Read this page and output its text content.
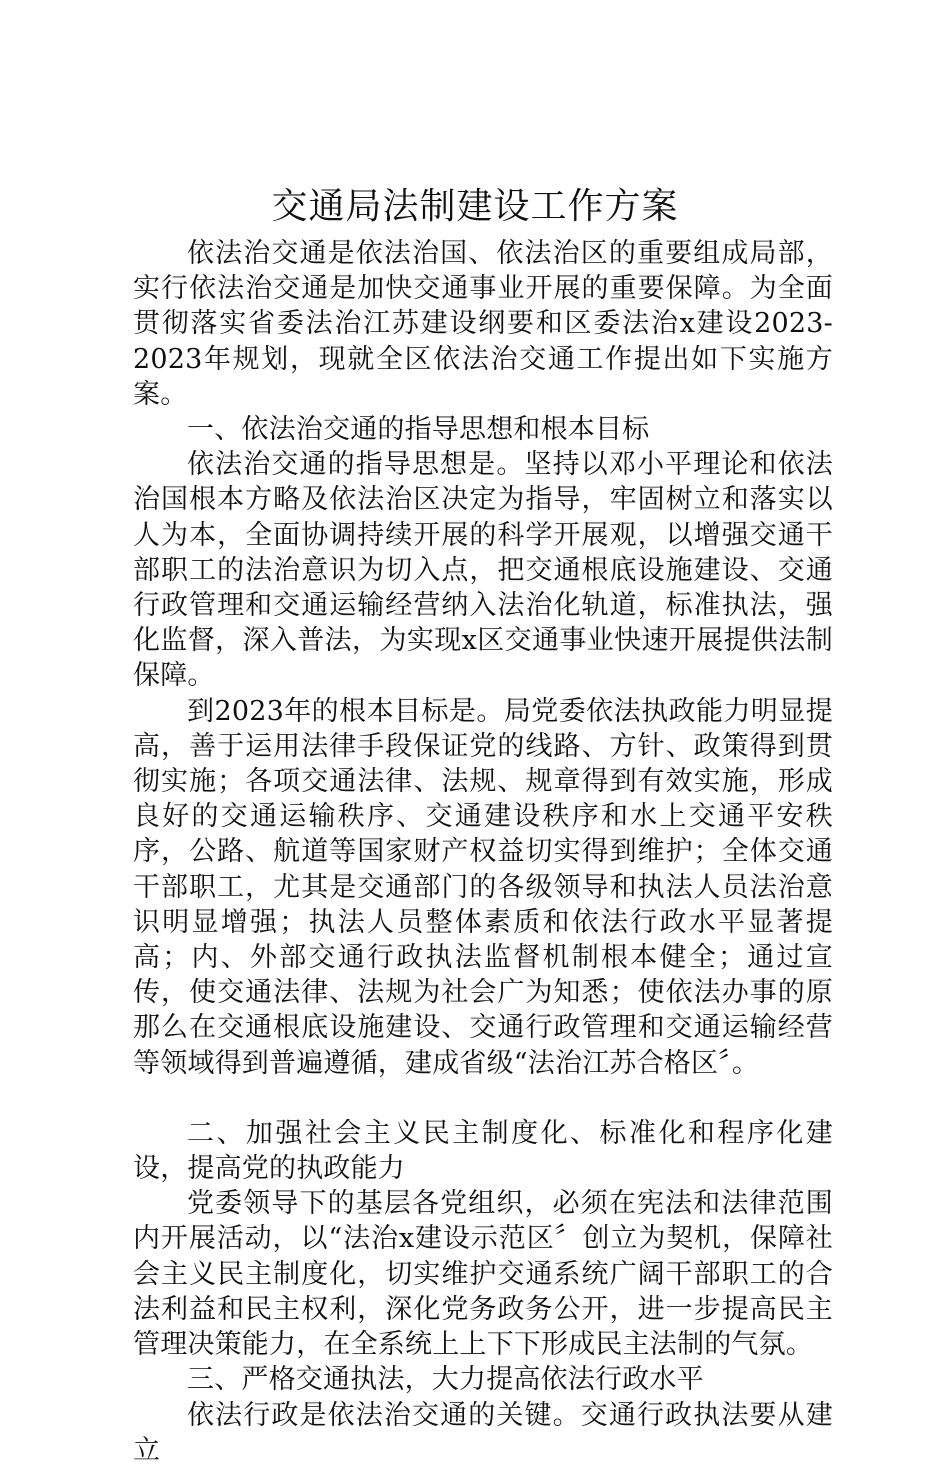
交通局法制建设工作方案

依法治交通是依法治国、依法治区的重要组成局部，实行依法治交通是加快交通事业开展的重要保障。为全面贯彻落实省委法治江苏建设纲要和区委法治x建设2023-2023年规划，现就全区依法治交通工作提出如下实施方案。

一、依法治交通的指导思想和根本目标

依法治交通的指导思想是。坚持以邓小平理论和依法治国根本方略及依法治区决定为指导，牢固树立和落实以人为本，全面协调持续开展的科学开展观，以增强交通干部职工的法治意识为切入点，把交通根底设施建设、交通行政管理和交通运输经营纳入法治化轨道，标准执法，强化监督，深入普法，为实现x区交通事业快速开展提供法制保障。

到2023年的根本目标是。局党委依法执政能力明显提高，善于运用法律手段保证党的线路、方针、政策得到贯彻实施；各项交通法律、法规、规章得到有效实施，形成良好的交通运输秩序、交通建设秩序和水上交通平安秩序，公路、航道等国家财产权益切实得到维护；全体交通干部职工，尤其是交通部门的各级领导和执法人员法治意识明显增强；执法人员整体素质和依法行政水平显著提高；内、外部交通行政执法监督机制根本健全；通过宣传，使交通法律、法规为社会广为知悉；使依法办事的原那么在交通根底设施建设、交通行政管理和交通运输经营等领域得到普遍遵循，建成省级“法治江苏合格区〞。

二、加强社会主义民主制度化、标准化和程序化建设，提高党的执政能力

党委领导下的基层各党组织，必须在宪法和法律范围内开展活动，以“法治x建设示范区〞创立为契机，保障社会主义民主制度化，切实维护交通系统广阔干部职工的合法利益和民主权利，深化党务政务公开，进一步提高民主管理决策能力，在全系统上上下下形成民主法制的气氛。

三、严格交通执法，大力提高依法行政水平

依法行政是依法治交通的关键。交通行政执法要从建立
